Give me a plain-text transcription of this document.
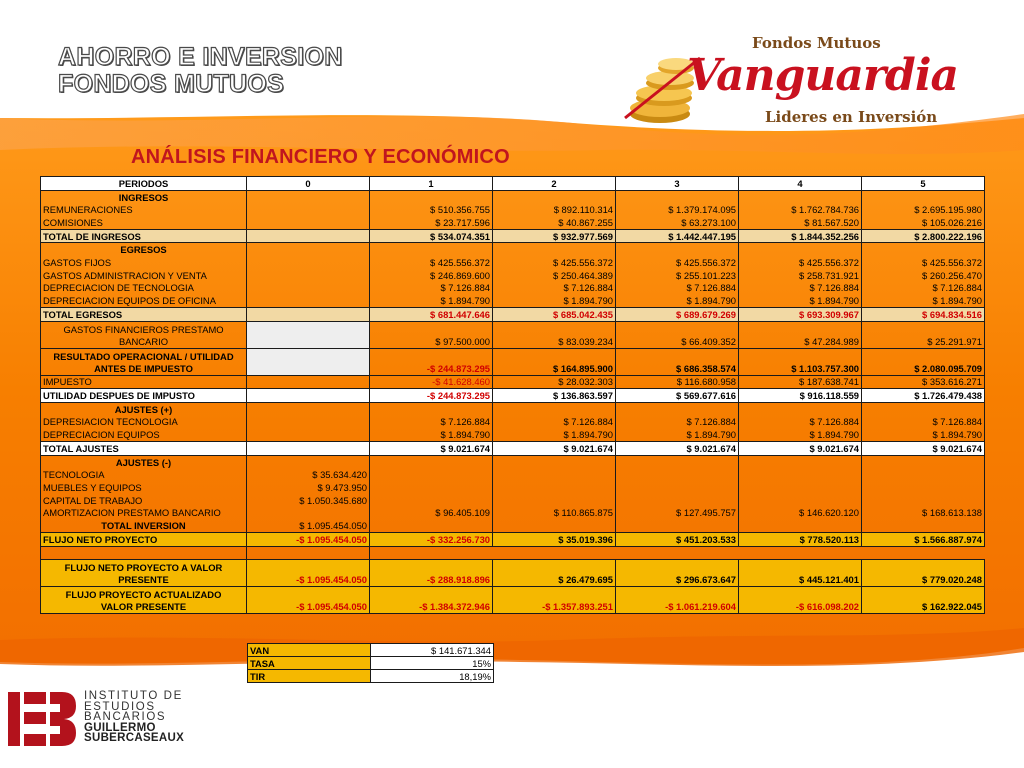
AHORRO E INVERSION
FONDOS MUTUOS
Fondos Mutuos
Vanguardia
Lideres en Inversión
ANÁLISIS FINANCIERO Y ECONÓMICO
PERIODOS	0	1	2	3	4	5
INGRESOS						
REMUNERACIONES		$ 510.356.755	$ 892.110.314	$ 1.379.174.095	$ 1.762.784.736	$ 2.695.195.980
COMISIONES		$ 23.717.596	$ 40.867.255	$ 63.273.100	$ 81.567.520	$ 105.026.216
TOTAL DE INGRESOS		$ 534.074.351	$ 932.977.569	$ 1.442.447.195	$ 1.844.352.256	$ 2.800.222.196
EGRESOS						
GASTOS FIJOS		$ 425.556.372	$ 425.556.372	$ 425.556.372	$ 425.556.372	$ 425.556.372
GASTOS ADMINISTRACION Y VENTA		$ 246.869.600	$ 250.464.389	$ 255.101.223	$ 258.731.921	$ 260.256.470
DEPRECIACION DE TECNOLOGIA		$ 7.126.884	$ 7.126.884	$ 7.126.884	$ 7.126.884	$ 7.126.884
DEPRECIACION EQUIPOS DE OFICINA		$ 1.894.790	$ 1.894.790	$ 1.894.790	$ 1.894.790	$ 1.894.790
TOTAL EGRESOS		$ 681.447.646	$ 685.042.435	$ 689.679.269	$ 693.309.967	$ 694.834.516

GASTOS FINANCIEROS PRESTAMO
BANCARIO		$ 97.500.000	$ 83.039.234	$ 66.409.352	$ 47.284.989	$ 25.291.971

RESULTADO OPERACIONAL / UTILIDAD
ANTES DE IMPUESTO		-$ 244.873.295	$ 164.895.900	$ 686.358.574	$ 1.103.757.300	$ 2.080.095.709
IMPUESTO		-$ 41.628.460	$ 28.032.303	$ 116.680.958	$ 187.638.741	$ 353.616.271
UTILIDAD DESPUES DE IMPUSTO		-$ 244.873.295	$ 136.863.597	$ 569.677.616	$ 916.118.559	$ 1.726.479.438
AJUSTES (+)						
DEPRESIACION TECNOLOGIA		$ 7.126.884	$ 7.126.884	$ 7.126.884	$ 7.126.884	$ 7.126.884
DEPRECIACION EQUIPOS		$ 1.894.790	$ 1.894.790	$ 1.894.790	$ 1.894.790	$ 1.894.790
TOTAL AJUSTES		$ 9.021.674	$ 9.021.674	$ 9.021.674	$ 9.021.674	$ 9.021.674
AJUSTES (-)						
TECNOLOGIA	$ 35.634.420					
MUEBLES Y EQUIPOS	$ 9.473.950					
CAPITAL DE TRABAJO	$ 1.050.345.680					
AMORTIZACION PRESTAMO BANCARIO		$ 96.405.109	$ 110.865.875	$ 127.495.757	$ 146.620.120	$ 168.613.138
TOTAL INVERSION	$ 1.095.454.050					
FLUJO NETO PROYECTO	-$ 1.095.454.050	-$ 332.256.730	$ 35.019.396	$ 451.203.533	$ 778.520.113	$ 1.566.887.974

FLUJO NETO PROYECTO A VALOR
PRESENTE	-$ 1.095.454.050	-$ 288.918.896	$ 26.479.695	$ 296.673.647	$ 445.121.401	$ 779.020.248

FLUJO PROYECTO ACTUALIZADO
VALOR PRESENTE	-$ 1.095.454.050	-$ 1.384.372.946	-$ 1.357.893.251	-$ 1.061.219.604	-$ 616.098.202	$ 162.922.045
VAN	$ 141.671.344
TASA	15%
TIR	18,19%
INSTITUTO DE
ESTUDIOS
BANCARIOS
GUILLERMO
SUBERCASEAUX
